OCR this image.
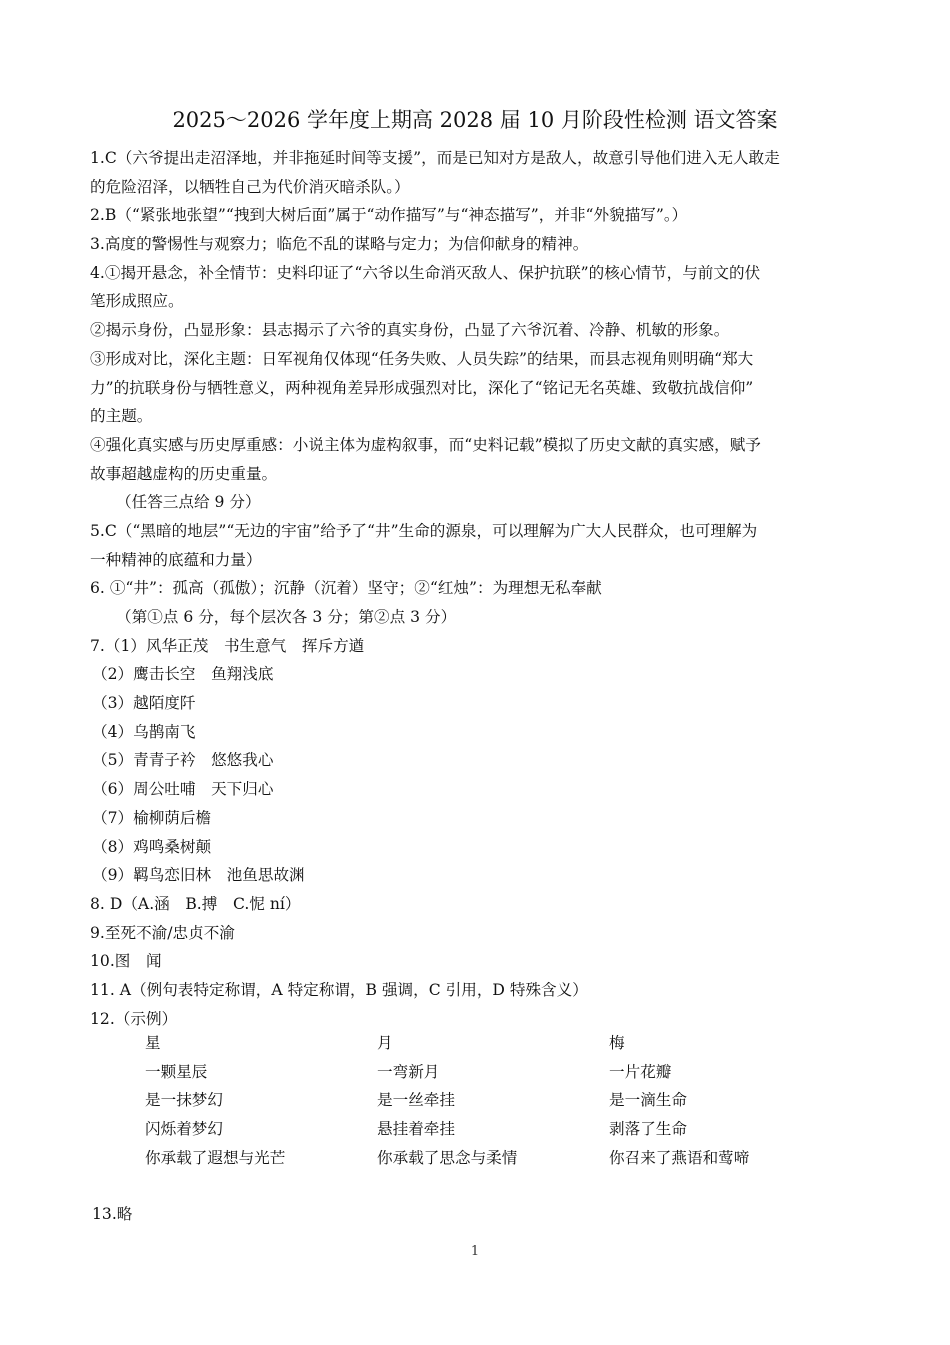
2025～2026 学年度上期高 2028 届 10 月阶段性检测 语文答案
1.C（六爷提出走沼泽地，并非拖延时间等支援”，而是已知对方是敌人，故意引导他们进入无人敢走
的危险沼泽，以牺牲自己为代价消灭暗杀队。）
2.B（“紧张地张望”“拽到大树后面”属于“动作描写”与“神态描写”，并非“外貌描写”。）
3.高度的警惕性与观察力；临危不乱的谋略与定力；为信仰献身的精神。
4.①揭开悬念，补全情节：史料印证了“六爷以生命消灭敌人、保护抗联”的核心情节，与前文的伏
笔形成照应。
②揭示身份，凸显形象：县志揭示了六爷的真实身份，凸显了六爷沉着、冷静、机敏的形象。
③形成对比，深化主题：日军视角仅体现“任务失败、人员失踪”的结果，而县志视角则明确“郑大
力”的抗联身份与牺牲意义，两种视角差异形成强烈对比，深化了“铭记无名英雄、致敬抗战信仰”
的主题。
④强化真实感与历史厚重感：小说主体为虚构叙事，而“史料记载”模拟了历史文献的真实感，赋予
故事超越虚构的历史重量。
（任答三点给 9 分）
5.C（“黑暗的地层”“无边的宇宙”给予了“井”生命的源泉，可以理解为广大人民群众，也可理解为
一种精神的底蕴和力量）
6. ①“井”：孤高（孤傲）；沉静（沉着）坚守；②“红烛”：为理想无私奉献
（第①点 6 分，每个层次各 3 分；第②点 3 分）
7.（1）风华正茂　书生意气　挥斥方遒
（2）鹰击长空　鱼翔浅底
（3）越陌度阡
（4）乌鹊南飞
（5）青青子衿　悠悠我心
（6）周公吐哺　天下归心
（7）榆柳荫后檐
（8）鸡鸣桑树颠
（9）羁鸟恋旧林　池鱼思故渊
8. D（A.涵　B.搏　C.怩 ní）
9.至死不渝/忠贞不渝
10.图　闻
11. A（例句表特定称谓，A 特定称谓，B 强调，C 引用，D 特殊含义）
12.（示例）
星	月	梅
一颗星辰	一弯新月	一片花瓣
是一抹梦幻	是一丝牵挂	是一滴生命
闪烁着梦幻	悬挂着牵挂	剥落了生命
你承载了遐想与光芒	你承载了思念与柔情	你召来了燕语和莺啼
13.略
1
